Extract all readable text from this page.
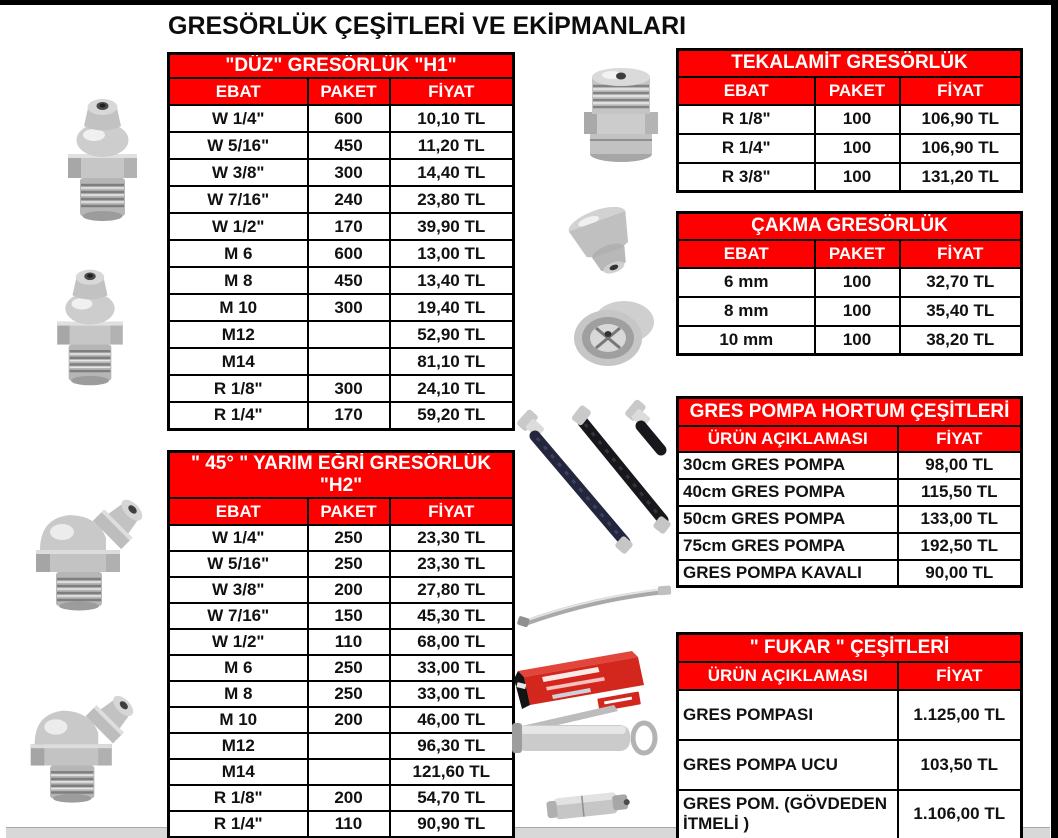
GRESÖRLÜK ÇEŞİTLERİ VE EKİPMANLARI
"DÜZ" GRESÖRLÜK "H1"		
EBAT	PAKET	FİYAT
W 1/4"	600	10,10 TL
W 5/16"	450	11,20 TL
W 3/8"	300	14,40 TL
W 7/16"	240	23,80 TL
W 1/2"	170	39,90 TL
M 6	600	13,00 TL
M 8	450	13,40 TL
M 10	300	19,40 TL
M12		52,90 TL
M14		81,10 TL
R 1/8"	300	24,10 TL
R 1/4"	170	59,20 TL
" 45° " YARIM EĞRİ GRESÖRLÜK "H2"		
EBAT	PAKET	FİYAT
W 1/4"	250	23,30 TL
W 5/16"	250	23,30 TL
W 3/8"	200	27,80 TL
W 7/16"	150	45,30 TL
W 1/2"	110	68,00 TL
M 6	250	33,00 TL
M 8	250	33,00 TL
M 10	200	46,00 TL
M12		96,30 TL
M14		121,60 TL
R 1/8"	200	54,70 TL
R 1/4"	110	90,90 TL
TEKALAMİT GRESÖRLÜK		
EBAT	PAKET	FİYAT
R 1/8"	100	106,90 TL
R 1/4"	100	106,90 TL
R 3/8"	100	131,20 TL
ÇAKMA GRESÖRLÜK		
EBAT	PAKET	FİYAT
6 mm	100	32,70 TL
8 mm	100	35,40 TL
10 mm	100	38,20 TL
GRES POMPA HORTUM ÇEŞİTLERİ	
ÜRÜN AÇIKLAMASI	FİYAT
30cm GRES POMPA	98,00 TL
40cm GRES POMPA	115,50 TL
50cm GRES POMPA	133,00 TL
75cm GRES POMPA	192,50 TL
GRES POMPA KAVALI	90,00 TL
" FUKAR " ÇEŞİTLERİ	
ÜRÜN AÇIKLAMASI	FİYAT
GRES POMPASI	1.125,00 TL
GRES POMPA UCU	103,50 TL
GRES POM. (GÖVDEDEN İTMELİ )	1.106,00 TL
